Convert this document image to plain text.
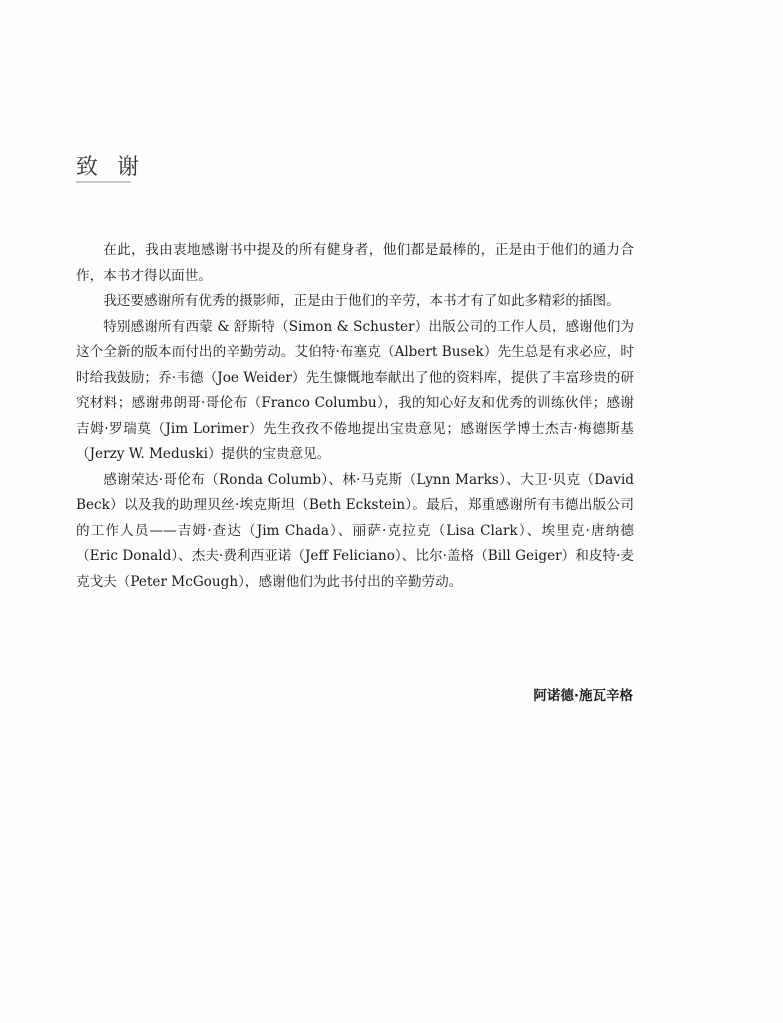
致 谢

在此，我由衷地感谢书中提及的所有健身者，他们都是最棒的，正是由于他们的通力合作，本书才得以面世。

我还要感谢所有优秀的摄影师，正是由于他们的辛劳，本书才有了如此多精彩的插图。

特别感谢所有西蒙 & 舒斯特（Simon & Schuster）出版公司的工作人员，感谢他们为这个全新的版本而付出的辛勤劳动。艾伯特·布塞克（Albert Busek）先生总是有求必应，时时给我鼓励；乔·韦德（Joe Weider）先生慷慨地奉献出了他的资料库，提供了丰富珍贵的研究材料；感谢弗朗哥·哥伦布（Franco Columbu），我的知心好友和优秀的训练伙伴；感谢吉姆·罗瑞莫（Jim Lorimer）先生孜孜不倦地提出宝贵意见；感谢医学博士杰吉·梅德斯基（Jerzy W. Meduski）提供的宝贵意见。

感谢荣达·哥伦布（Ronda Columb）、林·马克斯（Lynn Marks）、大卫·贝克（David Beck）以及我的助理贝丝·埃克斯坦（Beth Eckstein）。最后，郑重感谢所有韦德出版公司的工作人员——吉姆·查达（Jim Chada）、丽萨·克拉克（Lisa Clark）、埃里克·唐纳德（Eric Donald）、杰夫·费利西亚诺（Jeff Feliciano）、比尔·盖格（Bill Geiger）和皮特·麦克戈夫（Peter McGough），感谢他们为此书付出的辛勤劳动。

阿诺德·施瓦辛格
